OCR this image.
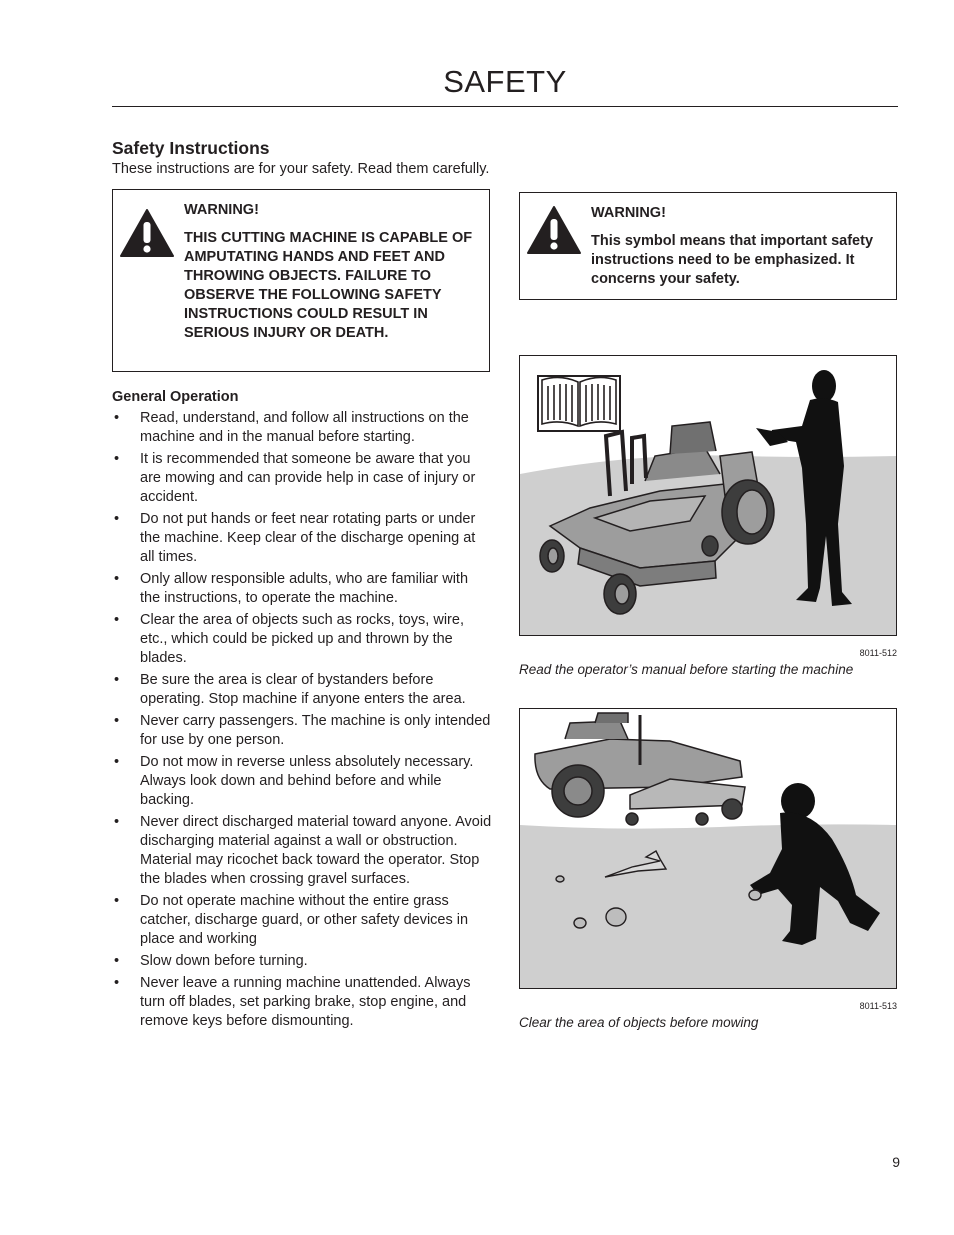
SAFETY
Safety Instructions

These instructions are for your safety. Read them carefully.

WARNING!

THIS CUTTING MACHINE IS CAPABLE OF AMPUTATING HANDS AND FEET AND THROWING OBJECTS. FAILURE TO OBSERVE THE FOLLOWING SAFETY INSTRUCTIONS COULD RESULT IN SERIOUS INJURY OR DEATH.

General Operation
• Read, understand, and follow all instructions on the machine and in the manual before starting.
• It is recommended that someone be aware that you are mowing and can provide help in case of injury or accident.
• Do not put hands or feet near rotating parts or under the machine. Keep clear of the discharge opening at all times.
• Only allow responsible adults, who are familiar with the instructions, to operate the machine.
• Clear the area of objects such as rocks, toys, wire, etc., which could be picked up and thrown by the blades.
• Be sure the area is clear of bystanders before operating. Stop machine if anyone enters the area.
• Never carry passengers. The machine is only intended for use by one person.
• Do not mow in reverse unless absolutely necessary. Always look down and behind before and while backing.
• Never direct discharged material toward anyone. Avoid discharging material against a wall or obstruction. Material may ricochet back toward the operator. Stop the blades when crossing gravel surfaces.
• Do not operate machine without the entire grass catcher, discharge guard, or other safety devices in place and working
• Slow down before turning.
• Never leave a running machine unattended. Always turn off blades, set parking brake, stop engine, and remove keys before dismounting.

WARNING!

This symbol means that important safety instructions need to be emphasized. It concerns your safety.

8011-512
Read the operator’s manual before starting the machine
8011-513
Clear the area of objects before mowing
9
